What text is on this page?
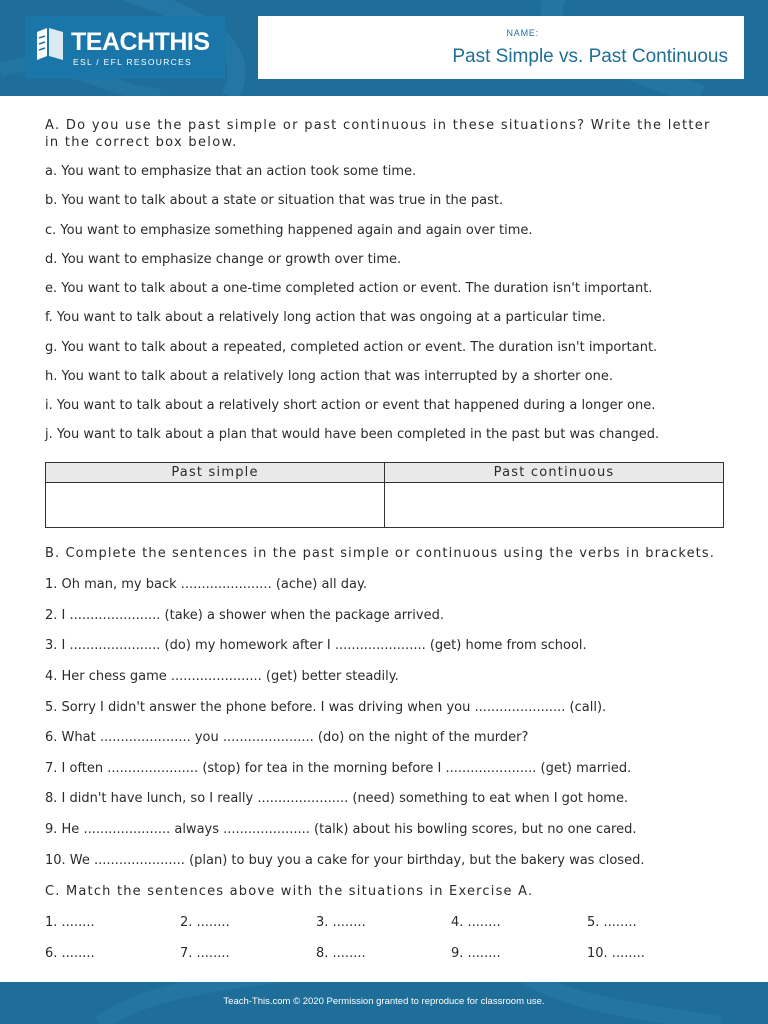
TEACHTHIS
ESL / EFL RESOURCES
NAME:
Past Simple vs. Past Continuous
A. Do you use the past simple or past continuous in these situations? Write the letter
in the correct box below.
a. You want to emphasize that an action took some time.
b. You want to talk about a state or situation that was true in the past.
c. You want to emphasize something happened again and again over time.
d. You want to emphasize change or growth over time.
e. You want to talk about a one-time completed action or event. The duration isn't important.
f. You want to talk about a relatively long action that was ongoing at a particular time.
g. You want to talk about a repeated, completed action or event. The duration isn't important.
h. You want to talk about a relatively long action that was interrupted by a shorter one.
i. You want to talk about a relatively short action or event that happened during a longer one.
j. You want to talk about a plan that would have been completed in the past but was changed.
Past simple	Past continuous
B. Complete the sentences in the past simple or continuous using the verbs in brackets.
1. Oh man, my back ...................... (ache) all day.
2. I ...................... (take) a shower when the package arrived.
3. I ...................... (do) my homework after I ...................... (get) home from school.
4. Her chess game ...................... (get) better steadily.
5. Sorry I didn't answer the phone before. I was driving when you ...................... (call).
6. What ...................... you ...................... (do) on the night of the murder?
7. I often ...................... (stop) for tea in the morning before I ...................... (get) married.
8. I didn't have lunch, so I really ...................... (need) something to eat when I got home.
9. He ..................... always ..................... (talk) about his bowling scores, but no one cared.
10. We ...................... (plan) to buy you a cake for your birthday, but the bakery was closed.
C. Match the sentences above with the situations in Exercise A.
1. ........	2. ........	3. ........	4. ........	5. ........
6. ........	7. ........	8. ........	9. ........	10. ........
Teach-This.com © 2020 Permission granted to reproduce for classroom use.
